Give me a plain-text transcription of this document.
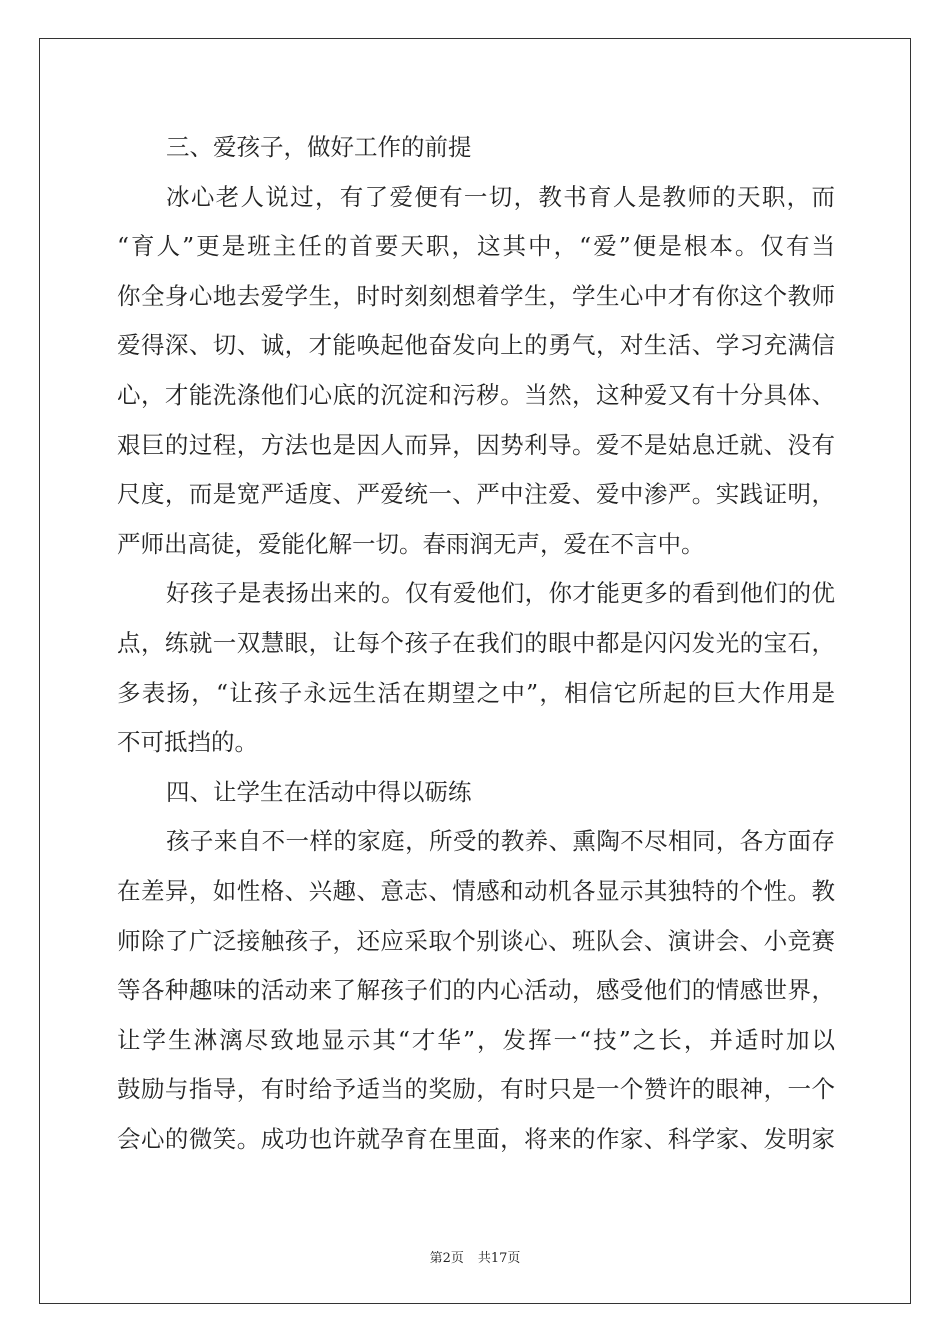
三、爱孩子，做好工作的前提
冰心老人说过，有了爱便有一切，教书育人是教师的天职，而
“育人”更是班主任的首要天职，这其中，“爱”便是根本。仅有当
你全身心地去爱学生，时时刻刻想着学生，学生心中才有你这个教师
爱得深、切、诚，才能唤起他奋发向上的勇气，对生活、学习充满信
心，才能洗涤他们心底的沉淀和污秽。当然，这种爱又有十分具体、
艰巨的过程，方法也是因人而异，因势利导。爱不是姑息迁就、没有
尺度，而是宽严适度、严爱统一、严中注爱、爱中渗严。实践证明，
严师出高徒，爱能化解一切。春雨润无声，爱在不言中。
好孩子是表扬出来的。仅有爱他们，你才能更多的看到他们的优
点，练就一双慧眼，让每个孩子在我们的眼中都是闪闪发光的宝石，
多表扬，“让孩子永远生活在期望之中”，相信它所起的巨大作用是
不可抵挡的。
四、让学生在活动中得以砺练
孩子来自不一样的家庭，所受的教养、熏陶不尽相同，各方面存
在差异，如性格、兴趣、意志、情感和动机各显示其独特的个性。教
师除了广泛接触孩子，还应采取个别谈心、班队会、演讲会、小竞赛
等各种趣味的活动来了解孩子们的内心活动，感受他们的情感世界，
让学生淋漓尽致地显示其“才华”，发挥一“技”之长，并适时加以
鼓励与指导，有时给予适当的奖励，有时只是一个赞许的眼神，一个
会心的微笑。成功也许就孕育在里面，将来的作家、科学家、发明家
第2页 共17页
